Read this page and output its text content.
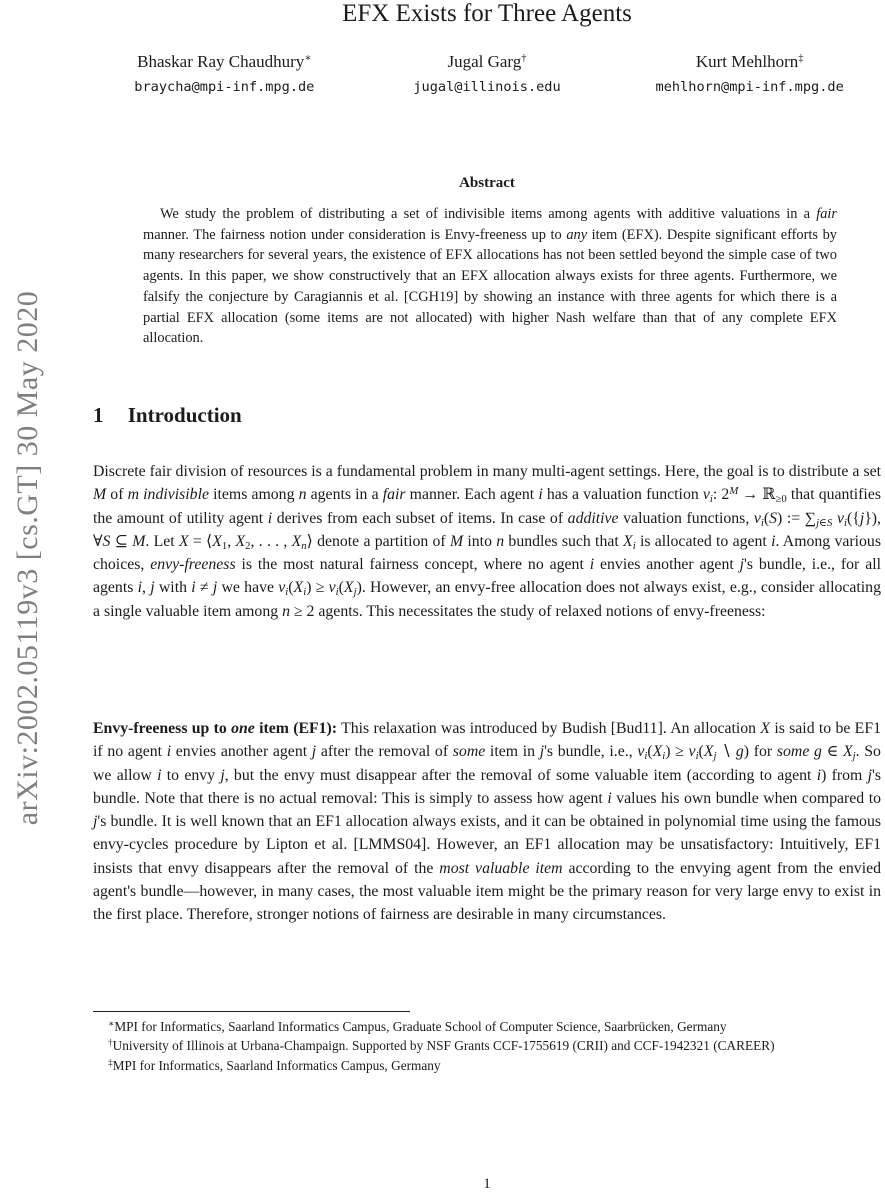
arXiv:2002.05119v3 [cs.GT] 30 May 2020
EFX Exists for Three Agents
Bhaskar Ray Chaudhury∗
braycha@mpi-inf.mpg.de
Jugal Garg†
jugal@illinois.edu
Kurt Mehlhorn‡
mehlhorn@mpi-inf.mpg.de
Abstract

We study the problem of distributing a set of indivisible items among agents with additive valuations in a fair manner. The fairness notion under consideration is Envy-freeness up to any item (EFX). Despite significant efforts by many researchers for several years, the existence of EFX allocations has not been settled beyond the simple case of two agents. In this paper, we show constructively that an EFX allocation always exists for three agents. Furthermore, we falsify the conjecture by Caragiannis et al. [CGH19] by showing an instance with three agents for which there is a partial EFX allocation (some items are not allocated) with higher Nash welfare than that of any complete EFX allocation.

1 Introduction

Discrete fair division of resources is a fundamental problem in many multi-agent settings. Here, the goal is to distribute a set M of m indivisible items among n agents in a fair manner. Each agent i has a valuation function $v_i$: $2^M$ → ℝ$_{\ge 0}$ that quantifies the amount of utility agent i derives from each subset of items. In case of additive valuation functions, $v_i(S)$ := $\sum_{j\in S}$ $v_i(\{j\})$, ∀S ⊆ M. Let $X = ⟨X_1$, $X_2$, . . . , $X_n⟩$ denote a partition of M into n bundles such that $X_i$ is allocated to agent i. Among various choices, envy-freeness is the most natural fairness concept, where no agent i envies another agent j's bundle, i.e., for all agents i, j with i ≠ j we have $v_i(X_i) \ge v_i(X_j)$. However, an envy-free allocation does not always exist, e.g., consider allocating a single valuable item among n ≥ 2 agents. This necessitates the study of relaxed notions of envy-freeness:

Envy-freeness up to one item (EF1): This relaxation was introduced by Budish [Bud11]. An allocation X is said to be EF1 if no agent i envies another agent j after the removal of some item in j's bundle, i.e., $v_i(X_i) \ge v_i(X_j$ ∖ g) for some g ∈ $X_j$. So we allow i to envy j, but the envy must disappear after the removal of some valuable item (according to agent i) from j's bundle. Note that there is no actual removal: This is simply to assess how agent i values his own bundle when compared to j's bundle. It is well known that an EF1 allocation always exists, and it can be obtained in polynomial time using the famous envy-cycles procedure by Lipton et al. [LMMS04]. However, an EF1 allocation may be unsatisfactory: Intuitively, EF1 insists that envy disappears after the removal of the most valuable item according to the envying agent from the envied agent's bundle—however, in many cases, the most valuable item might be the primary reason for very large envy to exist in the first place. Therefore, stronger notions of fairness are desirable in many circumstances.

∗MPI for Informatics, Saarland Informatics Campus, Graduate School of Computer Science, Saarbrücken, Germany

†University of Illinois at Urbana-Champaign. Supported by NSF Grants CCF-1755619 (CRII) and CCF-1942321 (CAREER)

‡MPI for Informatics, Saarland Informatics Campus, Germany

1
